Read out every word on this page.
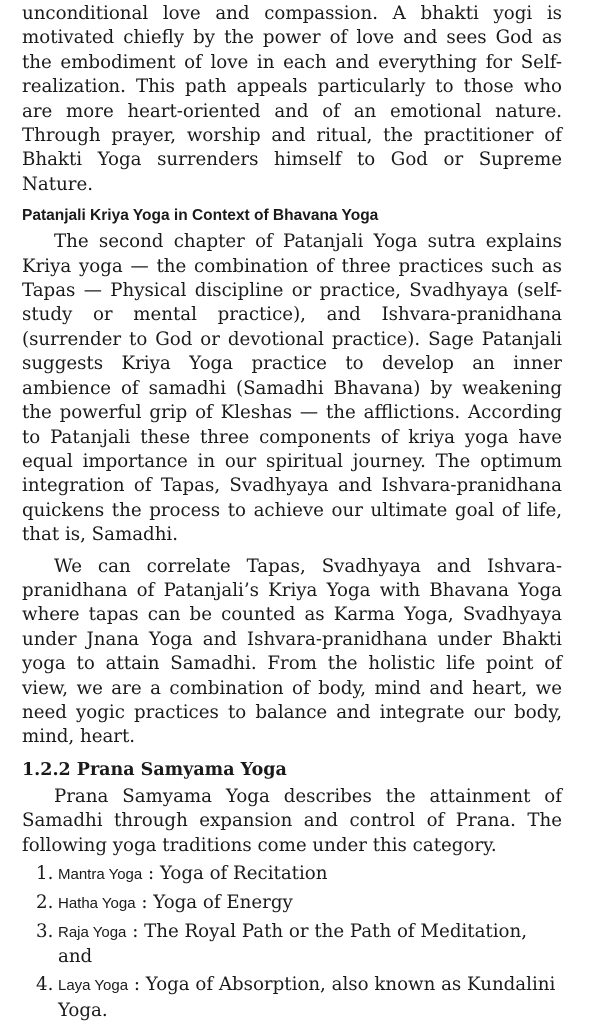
unconditional love and compassion. A bhakti yogi is motivated chiefly by the power of love and sees God as the embodiment of love in each and everything for Self-realization. This path appeals particularly to those who are more heart-oriented and of an emotional nature. Through prayer, worship and ritual, the practitioner of Bhakti Yoga surrenders himself to God or Supreme Nature.

Patanjali Kriya Yoga in Context of Bhavana Yoga

The second chapter of Patanjali Yoga sutra explains Kriya yoga — the combination of three practices such as Tapas — Physical discipline or practice, Svadhyaya (self-study or mental practice), and Ishvara-pranidhana (surrender to God or devotional practice). Sage Patanjali suggests Kriya Yoga practice to develop an inner ambience of samadhi (Samadhi Bhavana) by weakening the powerful grip of Kleshas — the afflictions. According to Patanjali these three components of kriya yoga have equal importance in our spiritual journey. The optimum integration of Tapas, Svadhyaya and Ishvara-pranidhana quickens the process to achieve our ultimate goal of life, that is, Samadhi.

We can correlate Tapas, Svadhyaya and Ishvara-pranidhana of Patanjali’s Kriya Yoga with Bhavana Yoga where tapas can be counted as Karma Yoga, Svadhyaya under Jnana Yoga and Ishvara-pranidhana under Bhakti yoga to attain Samadhi. From the holistic life point of view, we are a combination of body, mind and heart, we need yogic practices to balance and integrate our body, mind, heart.

1.2.2 Prana Samyama Yoga

Prana Samyama Yoga describes the attainment of Samadhi through expansion and control of Prana. The following yoga traditions come under this category.

1. Mantra Yoga : Yoga of Recitation
2. Hatha Yoga : Yoga of Energy
3. Raja Yoga : The Royal Path or the Path of Meditation, and
4. Laya Yoga : Yoga of Absorption, also known as Kundalini Yoga.
